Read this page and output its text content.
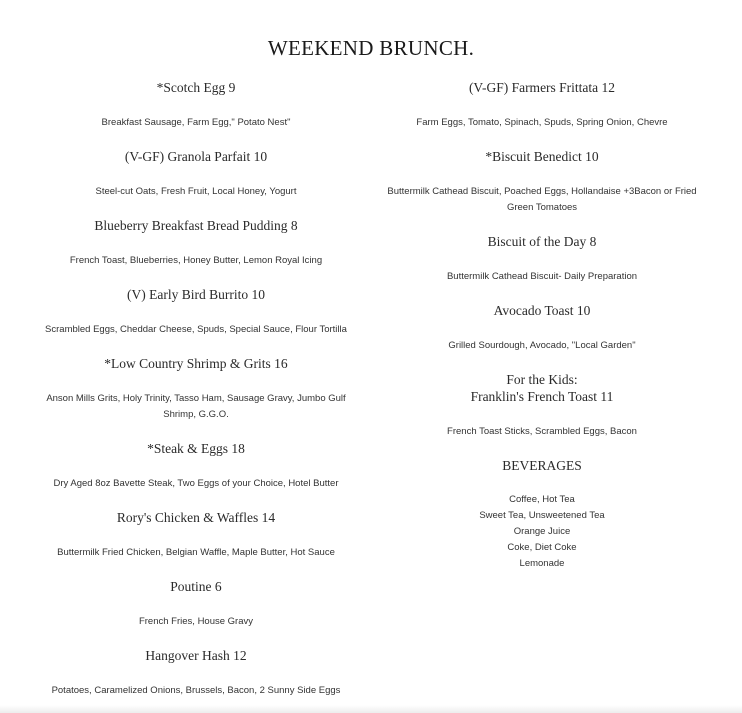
WEEKEND BRUNCH.
*Scotch Egg 9
Breakfast Sausage, Farm Egg," Potato Nest"
(V-GF) Granola Parfait 10
Steel-cut Oats, Fresh Fruit, Local Honey, Yogurt
Blueberry Breakfast Bread Pudding 8
French Toast, Blueberries, Honey Butter, Lemon Royal Icing
(V) Early Bird Burrito 10
Scrambled Eggs, Cheddar Cheese, Spuds, Special Sauce, Flour Tortilla
*Low Country Shrimp & Grits 16
Anson Mills Grits, Holy Trinity, Tasso Ham, Sausage Gravy, Jumbo Gulf Shrimp, G.G.O.
*Steak & Eggs 18
Dry Aged 8oz Bavette Steak, Two Eggs of your Choice, Hotel Butter
Rory's Chicken & Waffles 14
Buttermilk Fried Chicken, Belgian Waffle, Maple Butter, Hot Sauce
Poutine 6
French Fries, House Gravy
Hangover Hash 12
Potatoes, Caramelized Onions, Brussels, Bacon, 2 Sunny Side Eggs
(V-GF) Farmers Frittata 12
Farm Eggs, Tomato, Spinach, Spuds, Spring Onion, Chevre
*Biscuit Benedict 10
Buttermilk Cathead Biscuit, Poached Eggs, Hollandaise +3Bacon or Fried Green Tomatoes
Biscuit of the Day 8
Buttermilk Cathead Biscuit- Daily Preparation
Avocado Toast 10
Grilled Sourdough, Avocado, "Local Garden"
For the Kids:
Franklin's French Toast 11
French Toast Sticks, Scrambled Eggs, Bacon
BEVERAGES
Coffee, Hot Tea
Sweet Tea, Unsweetened Tea
Orange Juice
Coke, Diet Coke
Lemonade
